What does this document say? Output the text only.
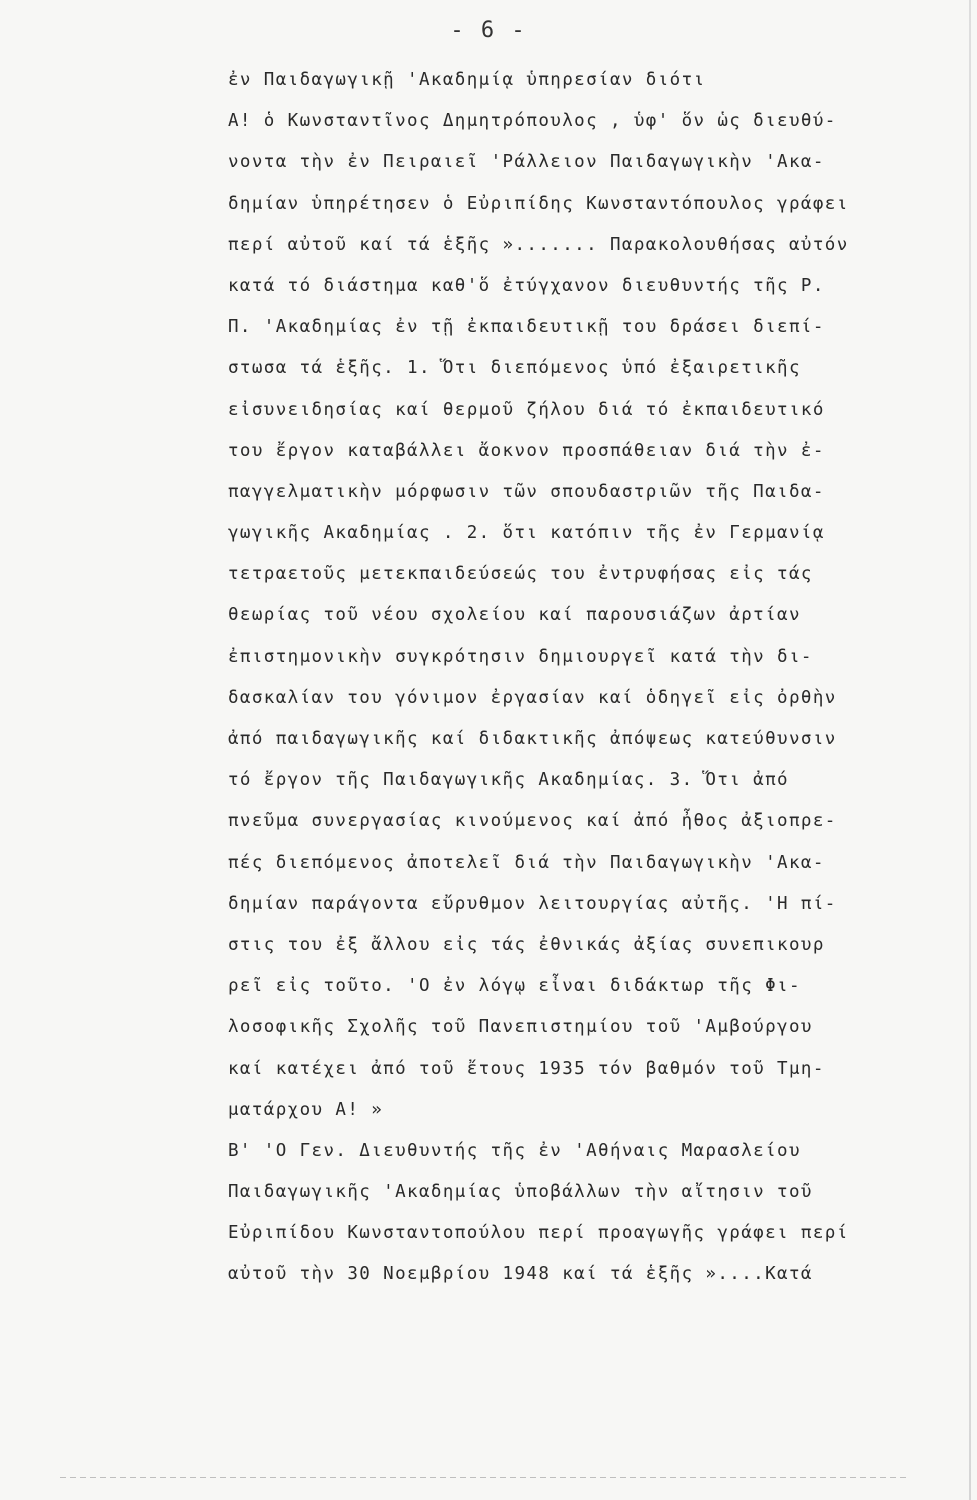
- 6 -
ἐν Παιδαγωγικῇ 'Ακαδημίᾳ ὑπηρεσίαν διότι
Α! ὁ Κωνσταντῖνος Δημητρόπουλος , ὑφ' ὅν ὡς διευθύ-
νοντα τὴν ἐν Πειραιεῖ 'Ράλλειον Παιδαγωγικὴν 'Ακα-
δημίαν ὑπηρέτησεν ὁ Εὐριπίδης Κωνσταντόπουλος γράφει
περί αὐτοῦ καί τά ἑξῆς »....... Παρακολουθήσας αὐτόν
κατά τό διάστημα καθ'ὅ ἐτύγχανον διευθυντής τῆς Ρ.
Π. 'Ακαδημίας ἐν τῇ ἐκπαιδευτικῇ του δράσει διεπί-
στωσα τά ἑξῆς. 1. Ὅτι διεπόμενος ὑπό ἐξαιρετικῆς
εἰσυνειδησίας καί θερμοῦ ζήλου διά τό ἐκπαιδευτικό
του ἔργον καταβάλλει ἄοκνον προσπάθειαν διά τὴν ἐ-
παγγελματικὴν μόρφωσιν τῶν σπουδαστριῶν τῆς Παιδα-
γωγικῆς Ακαδημίας . 2. ὅτι κατόπιν τῆς ἐν Γερμανίᾳ
τετραετοῦς μετεκπαιδεύσεώς του ἐντρυφήσας εἰς τάς
θεωρίας τοῦ νέου σχολείου καί παρουσιάζων ἀρτίαν
ἐπιστημονικὴν συγκρότησιν δημιουργεῖ κατά τὴν δι-
δασκαλίαν του γόνιμον ἐργασίαν καί ὁδηγεῖ εἰς ὀρθὴν
ἀπό παιδαγωγικῆς καί διδακτικῆς ἀπόψεως κατεύθυνσιν
τό ἔργον τῆς Παιδαγωγικῆς Ακαδημίας. 3. Ὅτι ἀπό
πνεῦμα συνεργασίας κινούμενος καί ἀπό ἦθος ἀξιοπρε-
πές διεπόμενος ἀποτελεῖ διά τὴν Παιδαγωγικὴν 'Ακα-
δημίαν παράγοντα εὔρυθμον λειτουργίας αὐτῆς. 'Η πί-
στις του ἐξ ἄλλου εἰς τάς ἐθνικάς ἀξίας συνεπικουρ
ρεῖ εἰς τοῦτο. 'Ο ἐν λόγῳ εἶναι διδάκτωρ τῆς Φι-
λοσοφικῆς Σχολῆς τοῦ Πανεπιστημίου τοῦ 'Αμβούργου
καί κατέχει ἀπό τοῦ ἔτους 1935 τόν βαθμόν τοῦ Τμη-
ματάρχου Α! »
Β' 'Ο Γεν. Διευθυντής τῆς ἐν 'Αθήναις Μαρασλείου
Παιδαγωγικῆς 'Ακαδημίας ὑποβάλλων τὴν αἴτησιν τοῦ
Εὐριπίδου Κωνσταντοπούλου περί προαγωγῆς γράφει περί
αὐτοῦ τὴν 30 Νοεμβρίου 1948 καί τά ἑξῆς »....Κατά
